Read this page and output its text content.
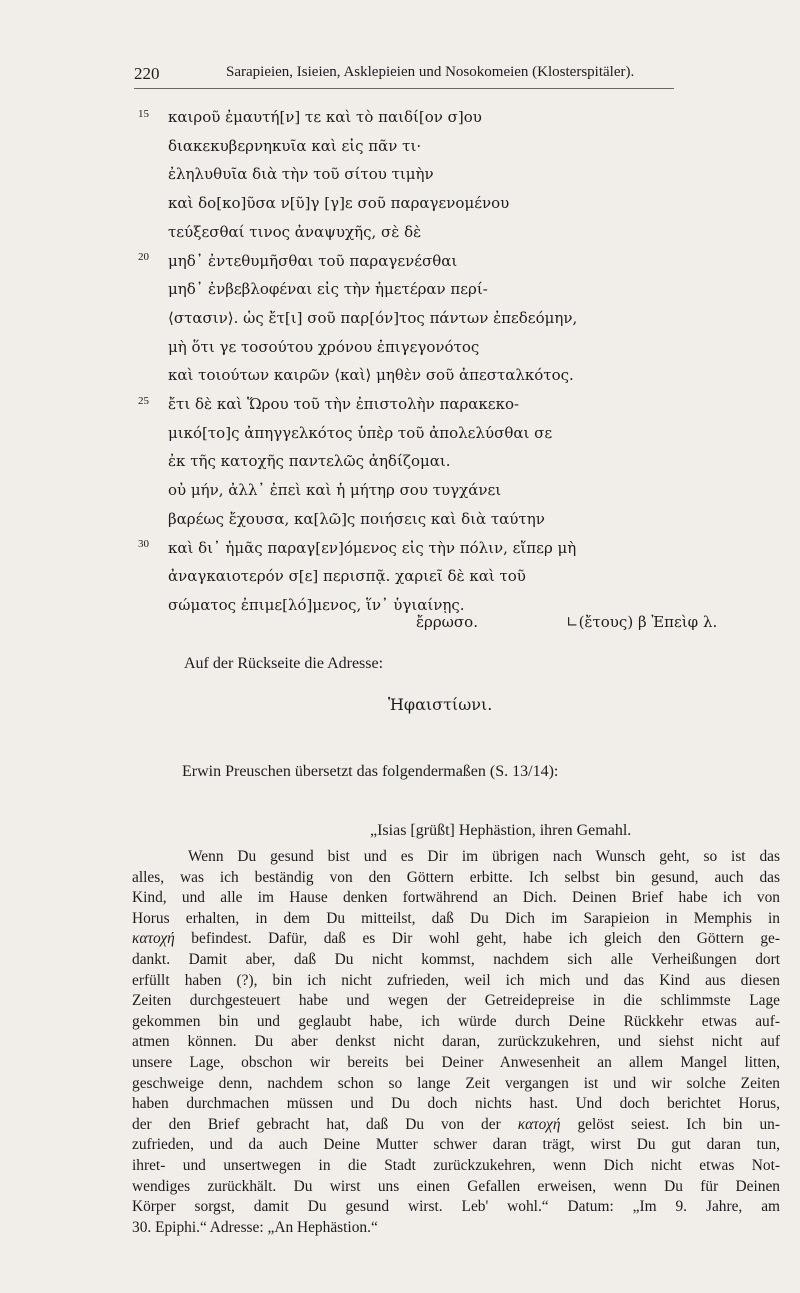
220	Sarapieien, Isieien, Asklepieien und Nosokomeien (Klosterspitäler).
15
20
25
30
ἔρρωσο.	∟(ἔτους) β Ἐπεὶφ λ.
καιροῦ ἐμαυτή[ν] τε καὶ τὸ παιδί[ον σ]ου
διακεκυβερνηκυῖα καὶ εἰς πᾶν τι·
ἐληλυθυῖα διὰ τὴν τοῦ σίτου τιμὴν
καὶ δο[κο]ῦσα ν[ῦ]γ [γ]ε σοῦ παραγενομένου
τεύξεσθαί τινος ἀναψυχῆς, σὲ δὲ
μηδ᾽ ἐντεθυμῆσθαι τοῦ παραγενέσθαι
μηδ᾽ ἐνβεβλοφέναι εἰς τὴν ἡμετέραν περί-
⟨στασιν⟩. ὡς ἔτ[ι] σοῦ παρ[όν]τος πάντων ἐπεδεόμην,
μὴ ὅτι γε τοσούτου χρόνου ἐπιγεγονότος
καὶ τοιούτων καιρῶν ⟨καὶ⟩ μηθὲν σοῦ ἀπεσταλκότος.
ἔτι δὲ καὶ Ὥρου τοῦ τὴν ἐπιστολὴν παρακεκο-
μικό[το]ς ἀπηγγελκότος ὑπὲρ τοῦ ἀπολελύσθαι σε
ἐκ τῆς κατοχῆς παντελῶς ἀηδίζομαι.
οὐ μήν, ἀλλ᾽ ἐπεὶ καὶ ἡ μήτηρ σου τυγχάνει
βαρέως ἔχουσα, κα[λῶ]ς ποιήσεις καὶ διὰ ταύτην
καὶ δι᾽ ἡμᾶς παραγ[εν]όμενος εἰς τὴν πόλιν, εἴπερ μὴ
ἀναγκαιοτερόν σ[ε] περισπᾷ. χαριεῖ δὲ καὶ τοῦ
σώματος ἐπιμε[λό]μενος, ἵν᾽ ὑγιαίνῃς.
Auf der Rückseite die Adresse:
Ἡφαιστίωνι.
Erwin Preuschen übersetzt das folgendermaßen (S. 13/14):
„Isias [grüßt] Hephästion, ihren Gemahl.
Wenn Du gesund bist und es Dir im übrigen nach Wunsch geht, so ist das
alles, was ich beständig von den Göttern erbitte. Ich selbst bin gesund, auch das
Kind, und alle im Hause denken fortwährend an Dich. Deinen Brief habe ich von
Horus erhalten, in dem Du mitteilst, daß Du Dich im Sarapieion in Memphis in
κατοχή befindest. Dafür, daß es Dir wohl geht, habe ich gleich den Göttern ge-
dankt. Damit aber, daß Du nicht kommst, nachdem sich alle Verheißungen dort
erfüllt haben (?), bin ich nicht zufrieden, weil ich mich und das Kind aus diesen
Zeiten durchgesteuert habe und wegen der Getreidepreise in die schlimmste Lage
gekommen bin und geglaubt habe, ich würde durch Deine Rückkehr etwas auf-
atmen können. Du aber denkst nicht daran, zurückzukehren, und siehst nicht auf
unsere Lage, obschon wir bereits bei Deiner Anwesenheit an allem Mangel litten,
geschweige denn, nachdem schon so lange Zeit vergangen ist und wir solche Zeiten
haben durchmachen müssen und Du doch nichts hast. Und doch berichtet Horus,
der den Brief gebracht hat, daß Du von der κατοχή gelöst seiest. Ich bin un-
zufrieden, und da auch Deine Mutter schwer daran trägt, wirst Du gut daran tun,
ihret- und unsertwegen in die Stadt zurückzukehren, wenn Dich nicht etwas Not-
wendiges zurückhält. Du wirst uns einen Gefallen erweisen, wenn Du für Deinen
Körper sorgst, damit Du gesund wirst. Leb' wohl.“ Datum: „Im 9. Jahre, am
30. Epiphi.“ Adresse: „An Hephästion.“
